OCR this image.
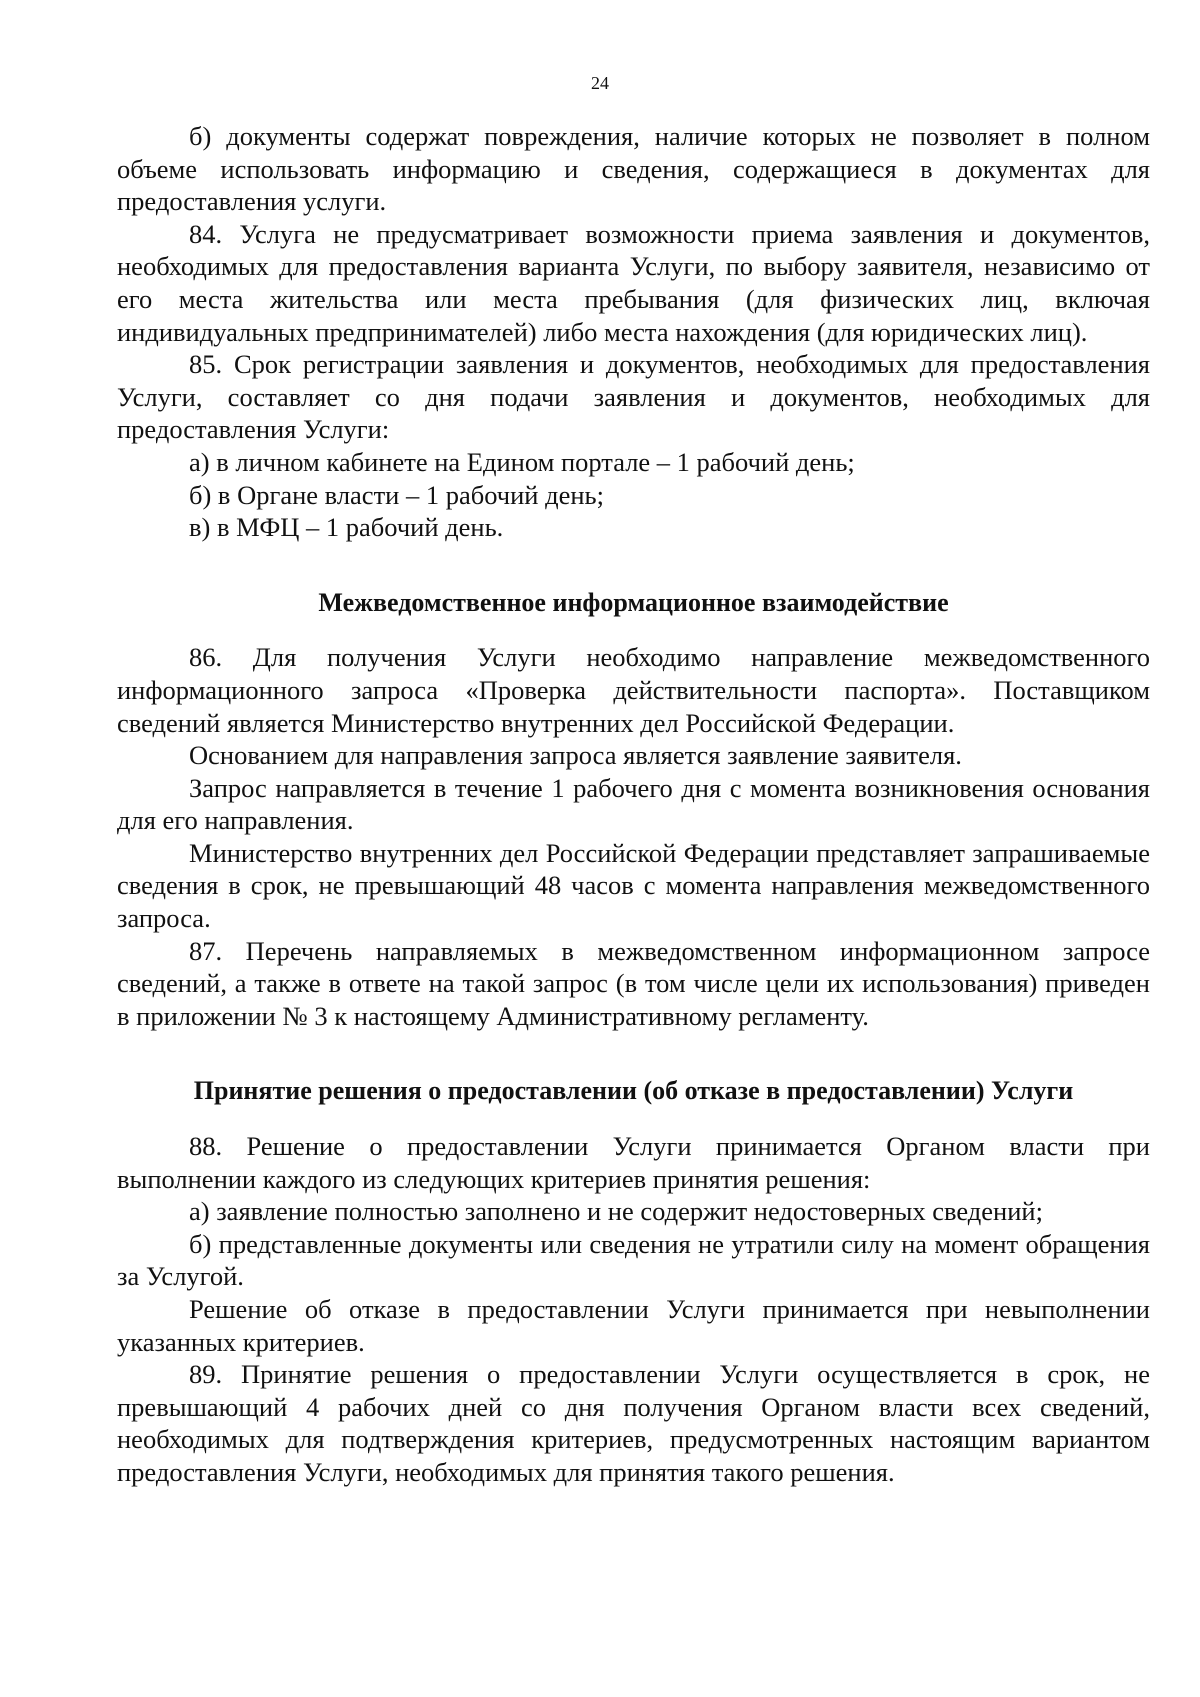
24

б) документы содержат повреждения, наличие которых не позволяет в полном объеме использовать информацию и сведения, содержащиеся в документах для предоставления услуги.

84. Услуга не предусматривает возможности приема заявления и документов, необходимых для предоставления варианта Услуги, по выбору заявителя, независимо от его места жительства или места пребывания (для физических лиц, включая индивидуальных предпринимателей) либо места нахождения (для юридических лиц).

85. Срок регистрации заявления и документов, необходимых для предоставления Услуги, составляет со дня подачи заявления и документов, необходимых для предоставления Услуги:

а) в личном кабинете на Едином портале – 1 рабочий день;

б) в Органе власти – 1 рабочий день;

в) в МФЦ – 1 рабочий день.

Межведомственное информационное взаимодействие

86. Для получения Услуги необходимо направление межведомственного информационного запроса «Проверка действительности паспорта». Поставщиком сведений является Министерство внутренних дел Российской Федерации.

Основанием для направления запроса является заявление заявителя.

Запрос направляется в течение 1 рабочего дня с момента возникновения основания для его направления.

Министерство внутренних дел Российской Федерации представляет запрашиваемые сведения в срок, не превышающий 48 часов с момента направления межведомственного запроса.

87. Перечень направляемых в межведомственном информационном запросе сведений, а также в ответе на такой запрос (в том числе цели их использования) приведен в приложении № 3 к настоящему Административному регламенту.

Принятие решения о предоставлении (об отказе в предоставлении) Услуги

88. Решение о предоставлении Услуги принимается Органом власти при выполнении каждого из следующих критериев принятия решения:

а) заявление полностью заполнено и не содержит недостоверных сведений;

б) представленные документы или сведения не утратили силу на момент обращения за Услугой.

Решение об отказе в предоставлении Услуги принимается при невыполнении указанных критериев.

89. Принятие решения о предоставлении Услуги осуществляется в срок, не превышающий 4 рабочих дней со дня получения Органом власти всех сведений, необходимых для подтверждения критериев, предусмотренных настоящим вариантом предоставления Услуги, необходимых для принятия такого решения.
